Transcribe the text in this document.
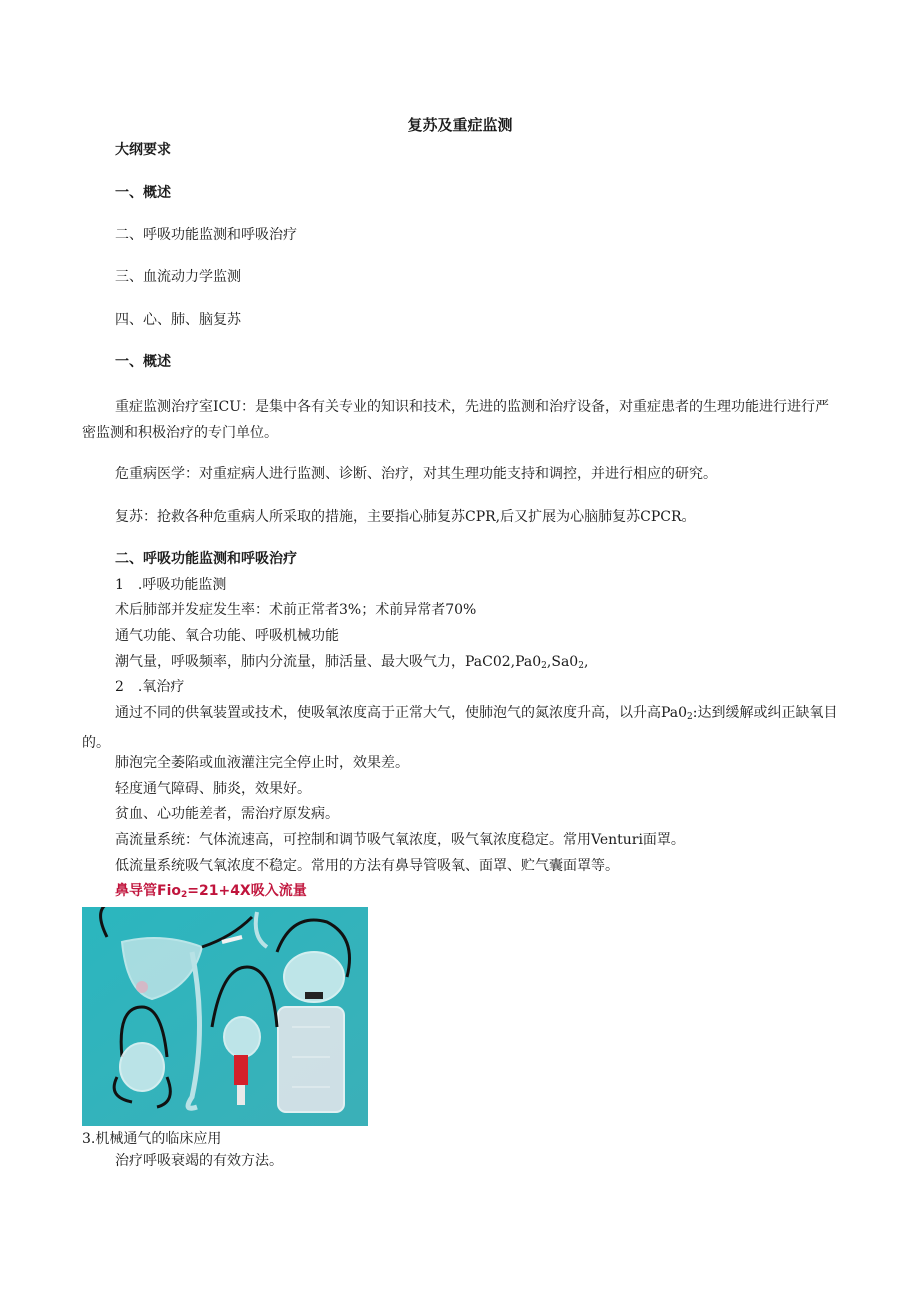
复苏及重症监测
大纲要求
一、概述
二、呼吸功能监测和呼吸治疗
三、血流动力学监测
四、心、肺、脑复苏
一、概述
重症监测治疗室ICU：是集中各有关专业的知识和技术，先进的监测和治疗设备，对重症患者的生理功能进行进行严密监测和积极治疗的专门单位。
危重病医学：对重症病人进行监测、诊断、治疗，对其生理功能支持和调控，并进行相应的研究。
复苏：抢救各种危重病人所采取的措施，主要指心肺复苏CPR,后又扩展为心脑肺复苏CPCR。
二、呼吸功能监测和呼吸治疗
1　.呼吸功能监测
术后肺部并发症发生率：术前正常者3%；术前异常者70%
通气功能、氧合功能、呼吸机械功能
潮气量，呼吸频率，肺内分流量，肺活量、最大吸气力，$PaC02,Pa0_2,Sa0_2$,
2　.氧治疗
通过不同的供氧装置或技术，使吸氧浓度高于正常大气，使肺泡气的氮浓度升高，以升高$Pa0_2$:达到缓解或纠正缺氧目的。
肺泡完全萎陷或血液灌注完全停止时，效果差。
轻度通气障碍、肺炎，效果好。
贫血、心功能差者，需治疗原发病。
高流量系统：气体流速高，可控制和调节吸气氧浓度，吸气氧浓度稳定。常用Venturi面罩。
低流量系统吸气氧浓度不稳定。常用的方法有鼻导管吸氧、面罩、贮气囊面罩等。
鼻导管Fio$_2$=21+4X吸入流量
3.机械通气的临床应用
治疗呼吸衰竭的有效方法。
